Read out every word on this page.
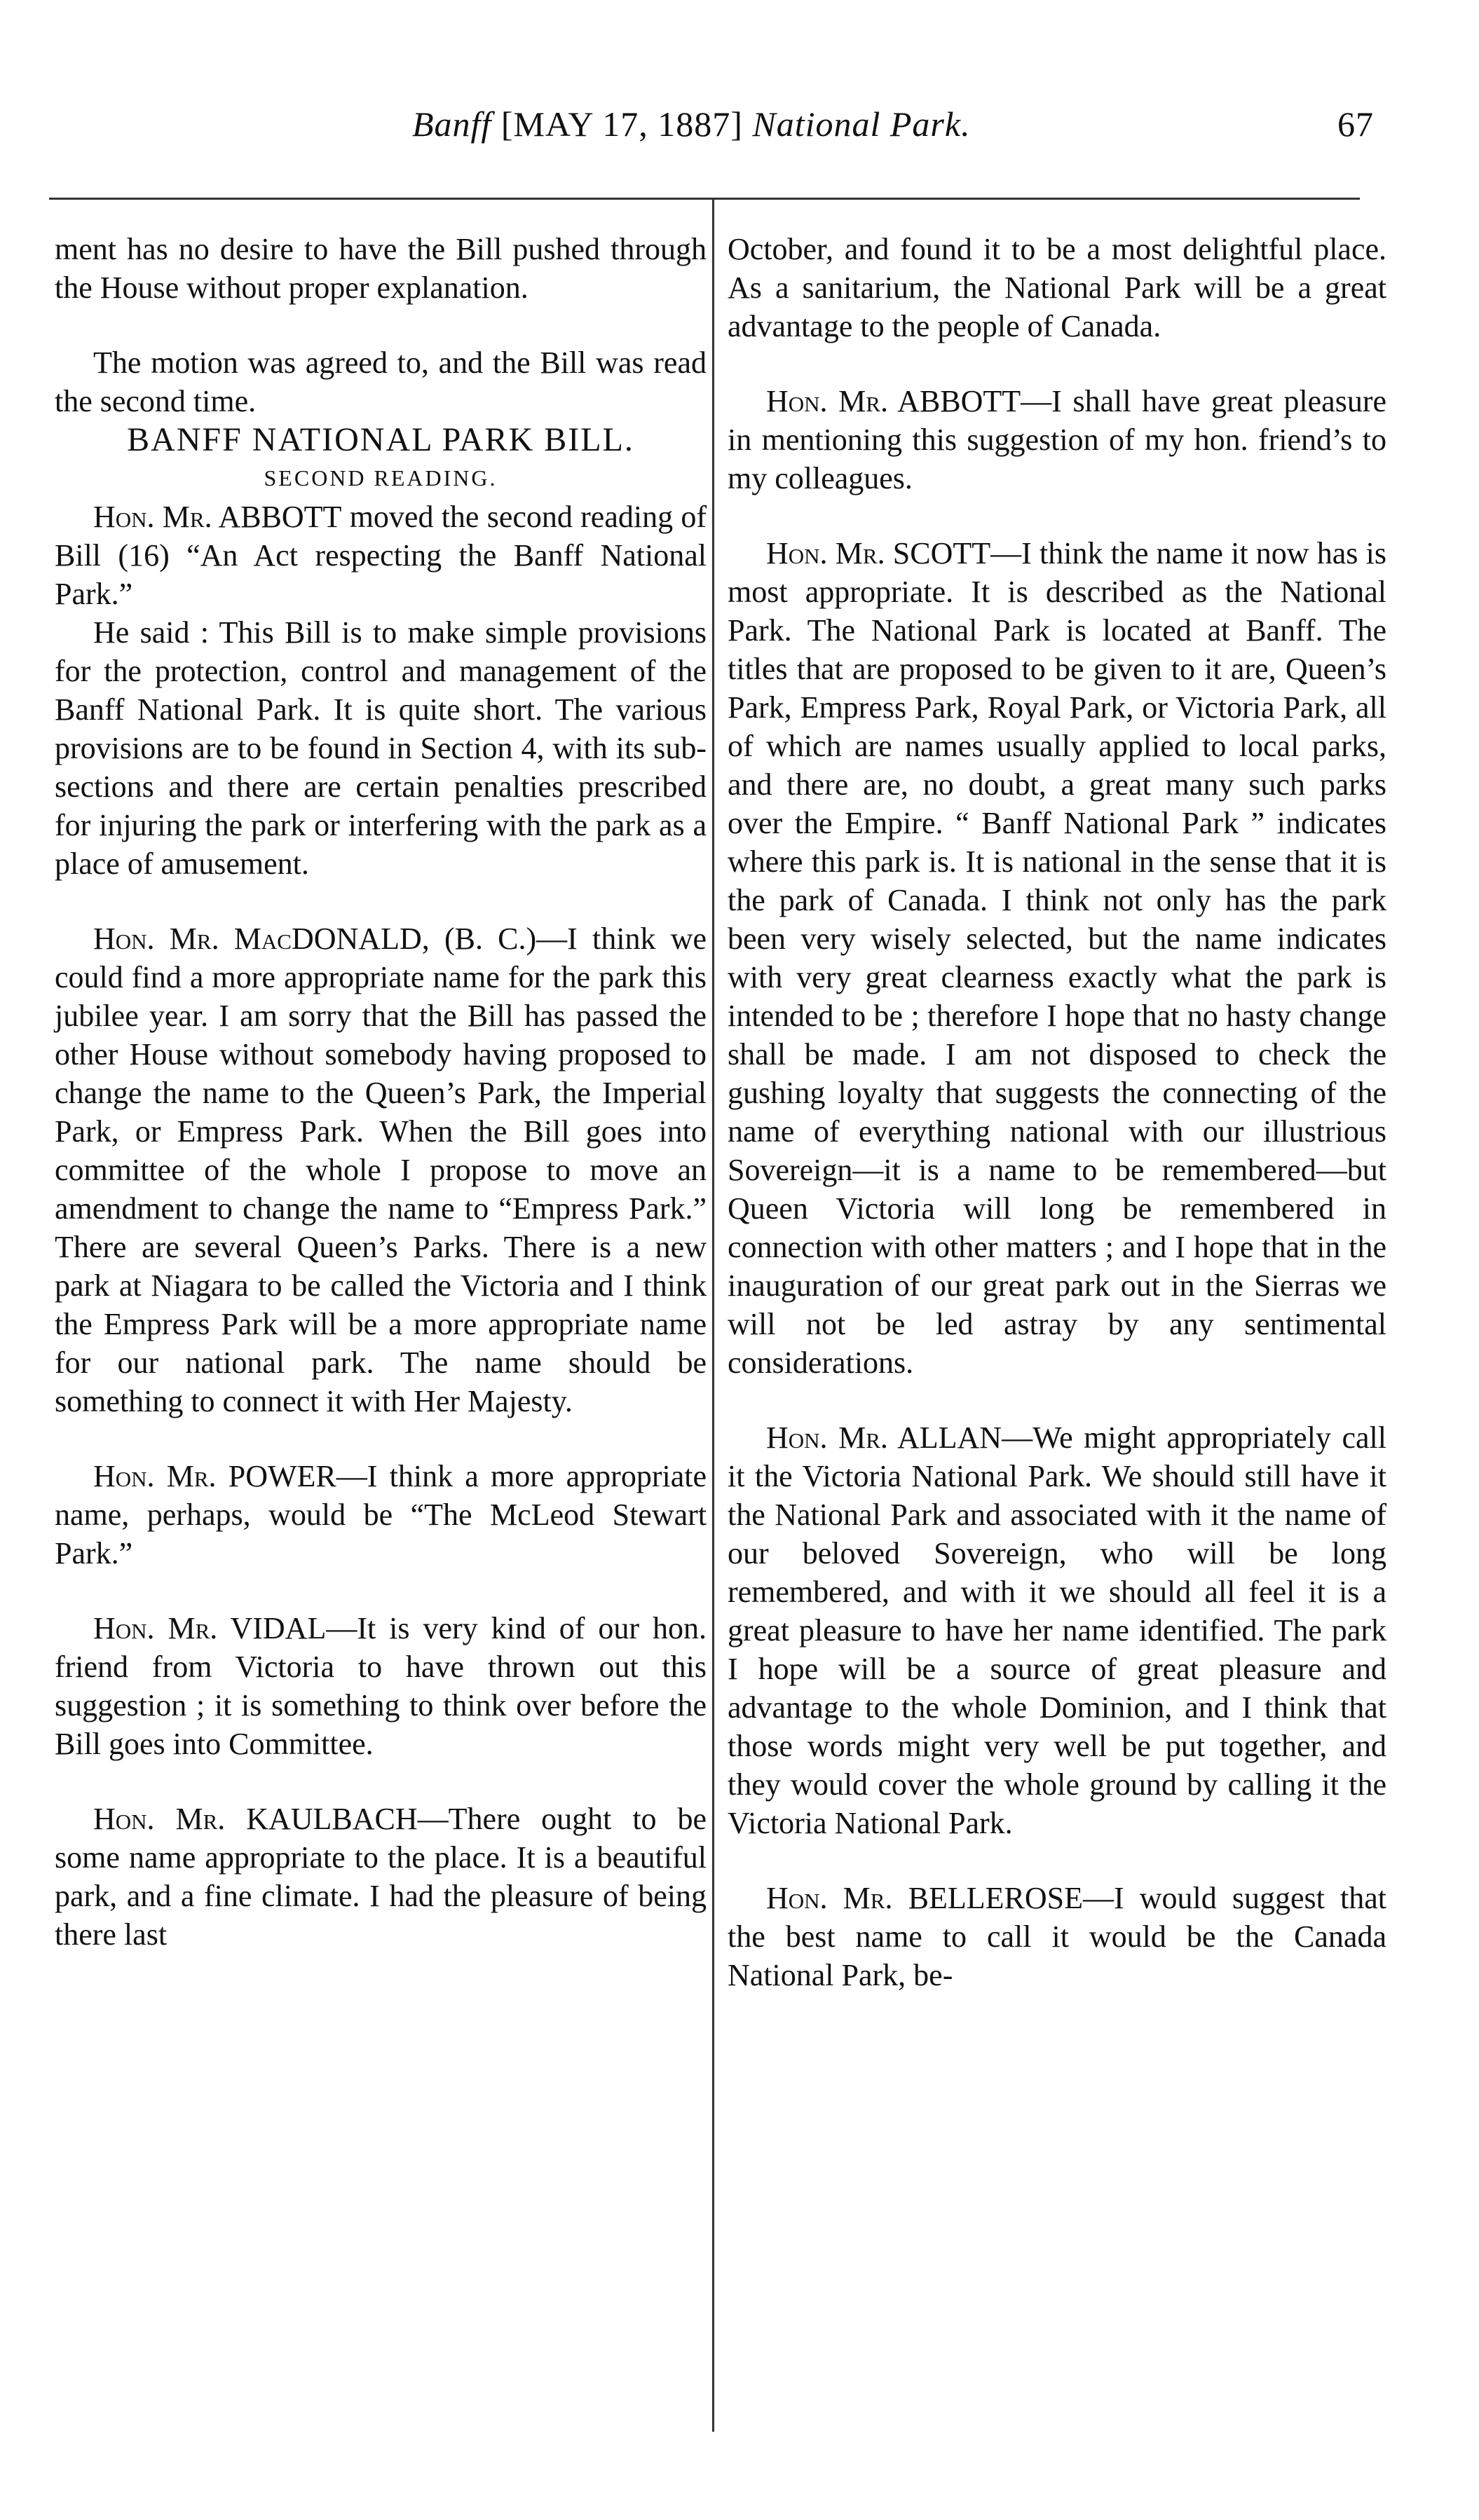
Banff [MAY 17, 1887] National Park.	67

ment has no desire to have the Bill pushed through the House without proper explanation.

The motion was agreed to, and the Bill was read the second time.

BANFF NATIONAL PARK BILL.

SECOND READING.

Hon. Mr. ABBOTT moved the second reading of Bill (16) “An Act respecting the Banff National Park.”

He said : This Bill is to make simple provisions for the protection, control and management of the Banff National Park. It is quite short. The various provisions are to be found in Section 4, with its sub-sections and there are certain penalties prescribed for injuring the park or interfering with the park as a place of amusement.

Hon. Mr. MacDONALD, (B. C.)—I think we could find a more appropriate name for the park this jubilee year. I am sorry that the Bill has passed the other House without somebody having proposed to change the name to the Queen’s Park, the Imperial Park, or Empress Park. When the Bill goes into committee of the whole I propose to move an amendment to change the name to “Empress Park.” There are several Queen’s Parks. There is a new park at Niagara to be called the Victoria and I think the Empress Park will be a more appropriate name for our national park. The name should be something to connect it with Her Majesty.

Hon. Mr. POWER—I think a more appropriate name, perhaps, would be “The McLeod Stewart Park.”

Hon. Mr. VIDAL—It is very kind of our hon. friend from Victoria to have thrown out this suggestion ; it is something to think over before the Bill goes into Committee.

Hon. Mr. KAULBACH—There ought to be some name appropriate to the place. It is a beautiful park, and a fine climate. I had the pleasure of being there last

October, and found it to be a most delightful place. As a sanitarium, the National Park will be a great advantage to the people of Canada.

Hon. Mr. ABBOTT—I shall have great pleasure in mentioning this suggestion of my hon. friend’s to my colleagues.

Hon. Mr. SCOTT—I think the name it now has is most appropriate. It is described as the National Park. The National Park is located at Banff. The titles that are proposed to be given to it are, Queen’s Park, Empress Park, Royal Park, or Victoria Park, all of which are names usually applied to local parks, and there are, no doubt, a great many such parks over the Empire. “ Banff National Park ” indicates where this park is. It is national in the sense that it is the park of Canada. I think not only has the park been very wisely selected, but the name indicates with very great clearness exactly what the park is intended to be ; therefore I hope that no hasty change shall be made. I am not disposed to check the gushing loyalty that suggests the connecting of the name of everything national with our illustrious Sovereign—it is a name to be remembered—but Queen Victoria will long be remembered in connection with other matters ; and I hope that in the inauguration of our great park out in the Sierras we will not be led astray by any sentimental considerations.

Hon. Mr. ALLAN—We might appropriately call it the Victoria National Park. We should still have it the National Park and associated with it the name of our beloved Sovereign, who will be long remembered, and with it we should all feel it is a great pleasure to have her name identified. The park I hope will be a source of great pleasure and advantage to the whole Dominion, and I think that those words might very well be put together, and they would cover the whole ground by calling it the Victoria National Park.

Hon. Mr. BELLEROSE—I would suggest that the best name to call it would be the Canada National Park, be-
